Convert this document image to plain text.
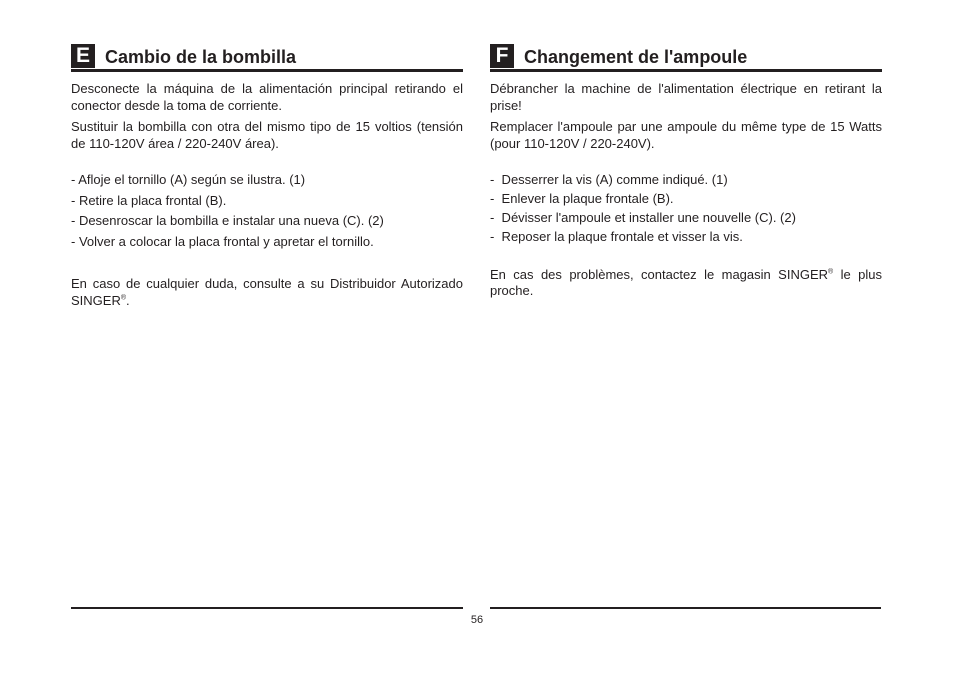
E Cambio de la bombilla

Desconecte la máquina de la alimentación principal retirando el conector desde la toma de corriente.

Sustituir la bombilla con otra del mismo tipo de 15 voltios (tensión de 110-120V área / 220-240V área).

- Afloje el tornillo (A) según se ilustra. (1)
- Retire la placa frontal (B).
- Desenroscar la bombilla e instalar una nueva (C). (2)
- Volver a colocar la placa frontal y apretar el tornillo.

En caso de cualquier duda, consulte a su Distribuidor Autorizado SINGER®.

F Changement de l'ampoule

Débrancher la machine de l'alimentation électrique en retirant la prise!

Remplacer l'ampoule par une ampoule du même type de 15 Watts (pour 110-120V / 220-240V).

-  Desserrer la vis (A) comme indiqué. (1)
-  Enlever la plaque frontale (B).
-  Dévisser l'ampoule et installer une nouvelle (C). (2)
-  Reposer la plaque frontale et visser la vis.

En cas des problèmes, contactez le magasin SINGER® le plus proche.

56
